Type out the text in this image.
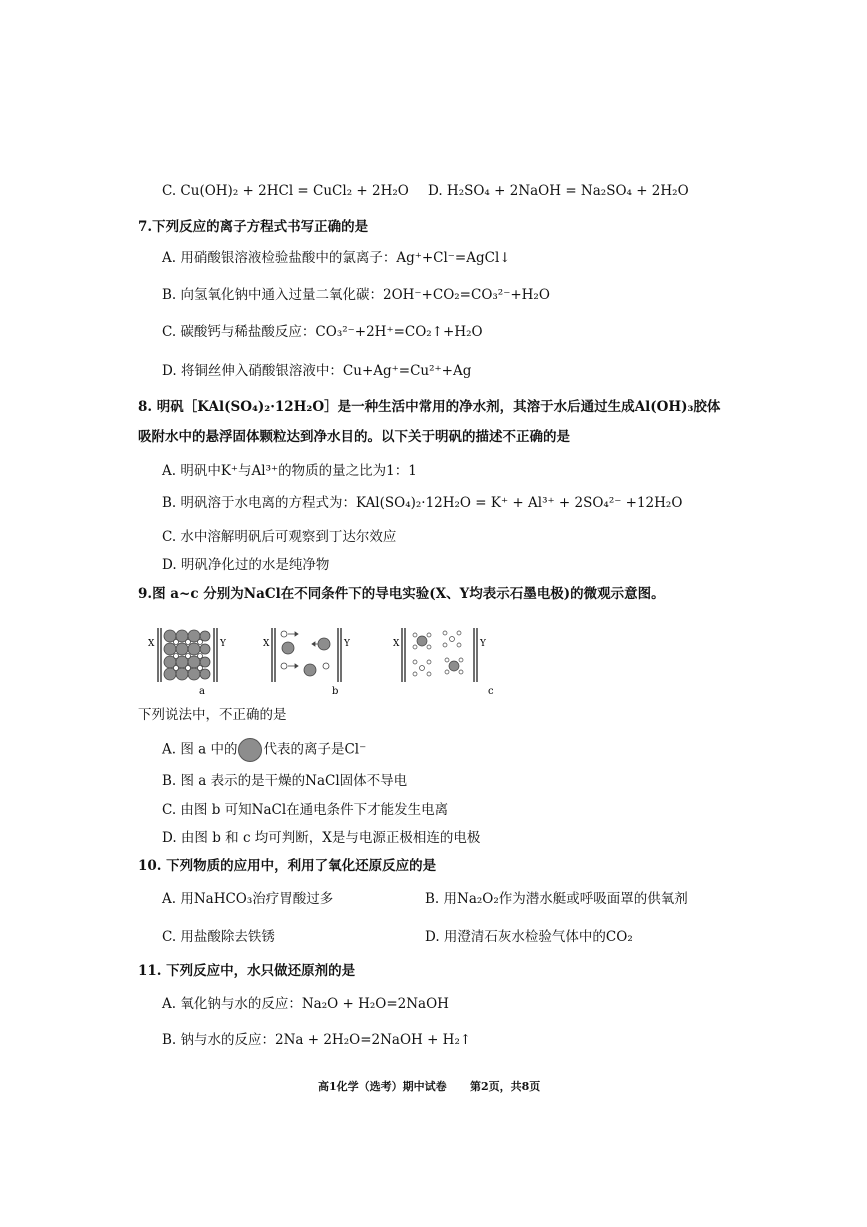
C. Cu(OH)₂ + 2HCl = CuCl₂ + 2H₂O D. H₂SO₄ + 2NaOH = Na₂SO₄ + 2H₂O
7.下列反应的离子方程式书写正确的是
A. 用硝酸银溶液检验盐酸中的氯离子：Ag⁺+Cl⁻=AgCl↓
B. 向氢氧化钠中通入过量二氧化碳：2OH⁻+CO₂=CO₃²⁻+H₂O
C. 碳酸钙与稀盐酸反应：CO₃²⁻+2H⁺=CO₂↑+H₂O
D. 将铜丝伸入硝酸银溶液中：Cu+Ag⁺=Cu²⁺+Ag
8. 明矾［KAl(SO₄)₂·12H₂O］是一种生活中常用的净水剂，其溶于水后通过生成Al(OH)₃胶体
吸附水中的悬浮固体颗粒达到净水目的。以下关于明矾的描述不正确的是
A. 明矾中K⁺与Al³⁺的物质的量之比为1：1
B. 明矾溶于水电离的方程式为：KAl(SO₄)₂·12H₂O = K⁺ + Al³⁺ + 2SO₄²⁻ +12H₂O
C. 水中溶解明矾后可观察到丁达尔效应
D. 明矾净化过的水是纯净物
9.图 a~c 分别为NaCl在不同条件下的导电实验(X、Y均表示石墨电极)的微观示意图。
X	Y
a
X	Y
b
X	Y
c
下列说法中，不正确的是
A. 图 a 中的 代表的离子是Cl⁻
B. 图 a 表示的是干燥的NaCl固体不导电
C. 由图 b 可知NaCl在通电条件下才能发生电离
D. 由图 b 和 c 均可判断，X是与电源正极相连的电极
10. 下列物质的应用中，利用了氧化还原反应的是
A. 用NaHCO₃治疗胃酸过多	B. 用Na₂O₂作为潜水艇或呼吸面罩的供氧剂
C. 用盐酸除去铁锈	D. 用澄清石灰水检验气体中的CO₂
11. 下列反应中，水只做还原剂的是
A. 氧化钠与水的反应：Na₂O + H₂O=2NaOH
B. 钠与水的反应：2Na + 2H₂O=2NaOH + H₂↑
高1化学（选考）期中试卷 第2页，共8页
